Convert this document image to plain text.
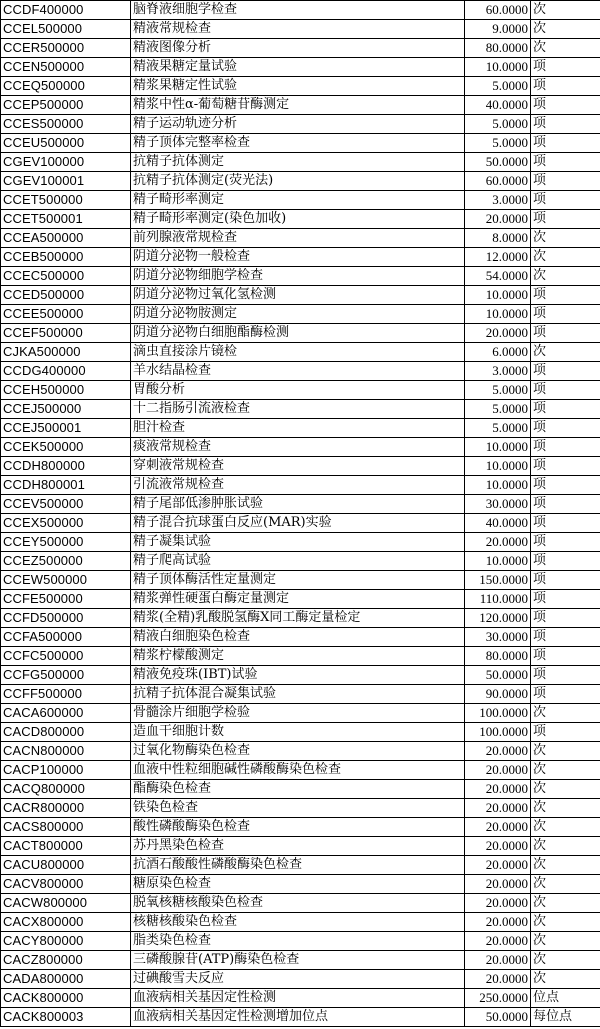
CCDF400000	脑脊液细胞学检查	60.0000	次
CCEL500000	精液常规检查	9.0000	次
CCER500000	精液图像分析	80.0000	次
CCEN500000	精液果糖定量试验	10.0000	项
CCEQ500000	精浆果糖定性试验	5.0000	项
CCEP500000	精浆中性α-葡萄糖苷酶测定	40.0000	项
CCES500000	精子运动轨迹分析	5.0000	项
CCEU500000	精子顶体完整率检查	5.0000	项
CGEV100000	抗精子抗体测定	50.0000	项
CGEV100001	抗精子抗体测定(荧光法)	60.0000	项
CCET500000	精子畸形率测定	3.0000	项
CCET500001	精子畸形率测定(染色加收)	20.0000	项
CCEA500000	前列腺液常规检查	8.0000	次
CCEB500000	阴道分泌物一般检查	12.0000	次
CCEC500000	阴道分泌物细胞学检查	54.0000	次
CCED500000	阴道分泌物过氧化氢检测	10.0000	项
CCEE500000	阴道分泌物胺测定	10.0000	项
CCEF500000	阴道分泌物白细胞酯酶检测	20.0000	项
CJKA500000	滴虫直接涂片镜检	6.0000	次
CCDG400000	羊水结晶检查	3.0000	项
CCEH500000	胃酸分析	5.0000	项
CCEJ500000	十二指肠引流液检查	5.0000	项
CCEJ500001	胆汁检查	5.0000	项
CCEK500000	痰液常规检查	10.0000	项
CCDH800000	穿刺液常规检查	10.0000	项
CCDH800001	引流液常规检查	10.0000	项
CCEV500000	精子尾部低渗肿胀试验	30.0000	项
CCEX500000	精子混合抗球蛋白反应(MAR)实验	40.0000	项
CCEY500000	精子凝集试验	20.0000	项
CCEZ500000	精子爬高试验	10.0000	项
CCEW500000	精子顶体酶活性定量测定	150.0000	项
CCFE500000	精浆弹性硬蛋白酶定量测定	110.0000	项
CCFD500000	精浆(全精)乳酸脱氢酶X同工酶定量检定	120.0000	项
CCFA500000	精液白细胞染色检查	30.0000	项
CCFC500000	精浆柠檬酸测定	80.0000	项
CCFG500000	精液免疫珠(IBT)试验	50.0000	项
CCFF500000	抗精子抗体混合凝集试验	90.0000	项
CACA600000	骨髓涂片细胞学检验	100.0000	次
CACD800000	造血干细胞计数	100.0000	项
CACN800000	过氧化物酶染色检查	20.0000	次
CACP100000	血液中性粒细胞碱性磷酸酶染色检查	20.0000	次
CACQ800000	酯酶染色检查	20.0000	次
CACR800000	铁染色检查	20.0000	次
CACS800000	酸性磷酸酶染色检查	20.0000	次
CACT800000	苏丹黑染色检查	20.0000	次
CACU800000	抗酒石酸酸性磷酸酶染色检查	20.0000	次
CACV800000	糖原染色检查	20.0000	次
CACW800000	脱氧核糖核酸染色检查	20.0000	次
CACX800000	核糖核酸染色检查	20.0000	次
CACY800000	脂类染色检查	20.0000	次
CACZ800000	三磷酸腺苷(ATP)酶染色检查	20.0000	次
CADA800000	过碘酸雪夫反应	20.0000	次
CACK800000	血液病相关基因定性检测	250.0000	位点
CACK800003	血液病相关基因定性检测增加位点	50.0000	每位点
